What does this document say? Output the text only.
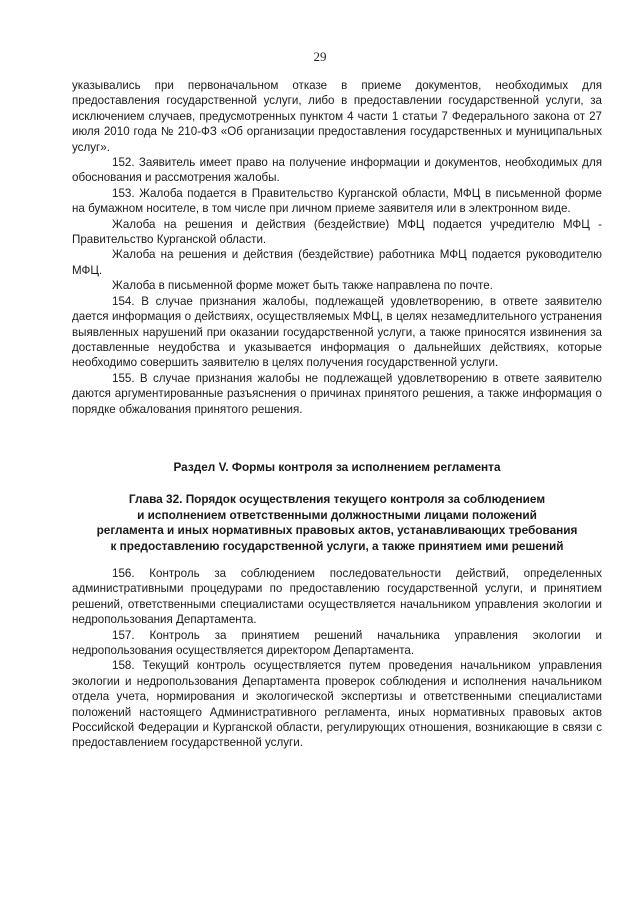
29

указывались при первоначальном отказе в приеме документов, необходимых для предоставления государственной услуги, либо в предоставлении государственной услуги, за исключением случаев, предусмотренных пунктом 4 части 1 статьи 7 Федерального закона от 27 июля 2010 года № 210-ФЗ «Об организации предоставления государственных и муниципальных услуг».

152. Заявитель имеет право на получение информации и документов, необходимых для обоснования и рассмотрения жалобы.

153. Жалоба подается в Правительство Курганской области, МФЦ в письменной форме на бумажном носителе, в том числе при личном приеме заявителя или в электронном виде.

Жалоба на решения и действия (бездействие) МФЦ подается учредителю МФЦ - Правительство Курганской области.

Жалоба на решения и действия (бездействие) работника МФЦ подается руководителю МФЦ.

Жалоба в письменной форме может быть также направлена по почте.

154. В случае признания жалобы, подлежащей удовлетворению, в ответе заявителю дается информация о действиях, осуществляемых МФЦ, в целях незамедлительного устранения выявленных нарушений при оказании государственной услуги, а также приносятся извинения за доставленные неудобства и указывается информация о дальнейших действиях, которые необходимо совершить заявителю в целях получения государственной услуги.

155. В случае признания жалобы не подлежащей удовлетворению в ответе заявителю даются аргументированные разъяснения о причинах принятого решения, а также информация о порядке обжалования принятого решения.

Раздел V. Формы контроля за исполнением регламента
Глава 32. Порядок осуществления текущего контроля за соблюдением
и исполнением ответственными должностными лицами положений
регламента и иных нормативных правовых актов, устанавливающих требования
к предоставлению государственной услуги, а также принятием ими решений

156. Контроль за соблюдением последовательности действий, определенных административными процедурами по предоставлению государственной услуги, и принятием решений, ответственными специалистами осуществляется начальником управления экологии и недропользования Департамента.

157. Контроль за принятием решений начальника управления экологии и недропользования осуществляется директором Департамента.

158. Текущий контроль осуществляется путем проведения начальником управления экологии и недропользования Департамента проверок соблюдения и исполнения начальником отдела учета, нормирования и экологической экспертизы и ответственными специалистами положений настоящего Административного регламента, иных нормативных правовых актов Российской Федерации и Курганской области, регулирующих отношения, возникающие в связи с предоставлением государственной услуги.
